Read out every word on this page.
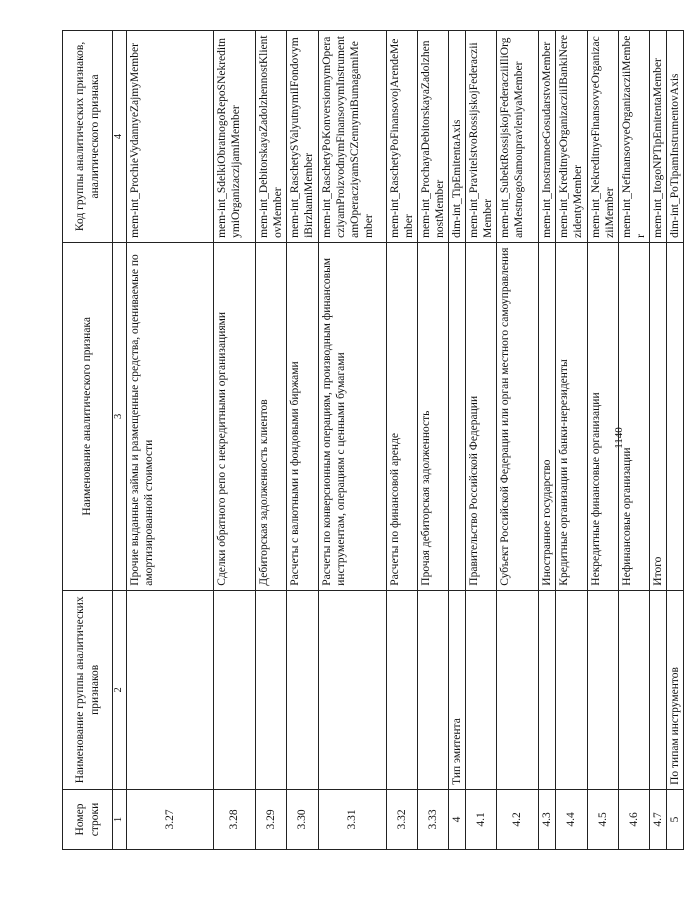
1140
Номер строки	Наименование группы аналитических признаков	Наименование аналитического признака	Код группы аналитических признаков, аналитического признака
1	2	3	4
3.27		Прочие выданные займы и размещенные средства, оцениваемые по амортизированной стоимости	mem-int_ProchieVydannyeZajmyMember
3.28		Сделки обратного репо с некредитными организациями	mem-int_SdelkiObratnogoRepoSNekreditnymiOrganizaczijamiMember
3.29		Дебиторская задолженность клиентов	mem-int_DebitorskayaZadolzhennostKlientovMember
3.30		Расчеты с валютными и фондовыми биржами	mem-int_RaschetySValyutnymiIFondovymiBirzhamiMember
3.31		Расчеты по конверсионным операциям, производным финансовым инструментам, операциям с ценными бумагами	mem-int_RaschetyPoKonversionnymOperacziyamProizvodnymFinansovymInstrumentamOperacziyamSCZennymiBumagamiMember
3.32		Расчеты по финансовой аренде	mem-int_RaschetyPoFinansovojArendeMember
3.33		Прочая дебиторская задолженность	mem-int_ProchayaDebitorskayaZadolzhennostMember
4	Тип эмитента		dim-int_TipEmitentaAxis
4.1		Правительство Российской Федерации	mem-int_PravitelstvoRossijskojFederacziiMember
4.2		Субъект Российской Федерации или орган местного самоуправления	mem-int_SubektRossijskojFederacziiIliOrganMestnogoSamoupravleniyaMember
4.3		Иностранное государство	mem-int_InostrannoeGosudarstvoMember
4.4		Кредитные организации и банки-нерезиденты	mem-int_KreditnyeOrganizacziiIBankiNerezidentyMember
4.5		Некредитные финансовые организации	mem-int_NekreditnyeFinansovyeOrganizacziiMember
4.6		Нефинансовые организации	mem-int_NefinansovyeOrganizacziiMember
4.7		Итого	mem-int_ItogoNPTipEmitentaMember
5	По типам инструментов		dim-int_PoTipamInstrumentovAxis
